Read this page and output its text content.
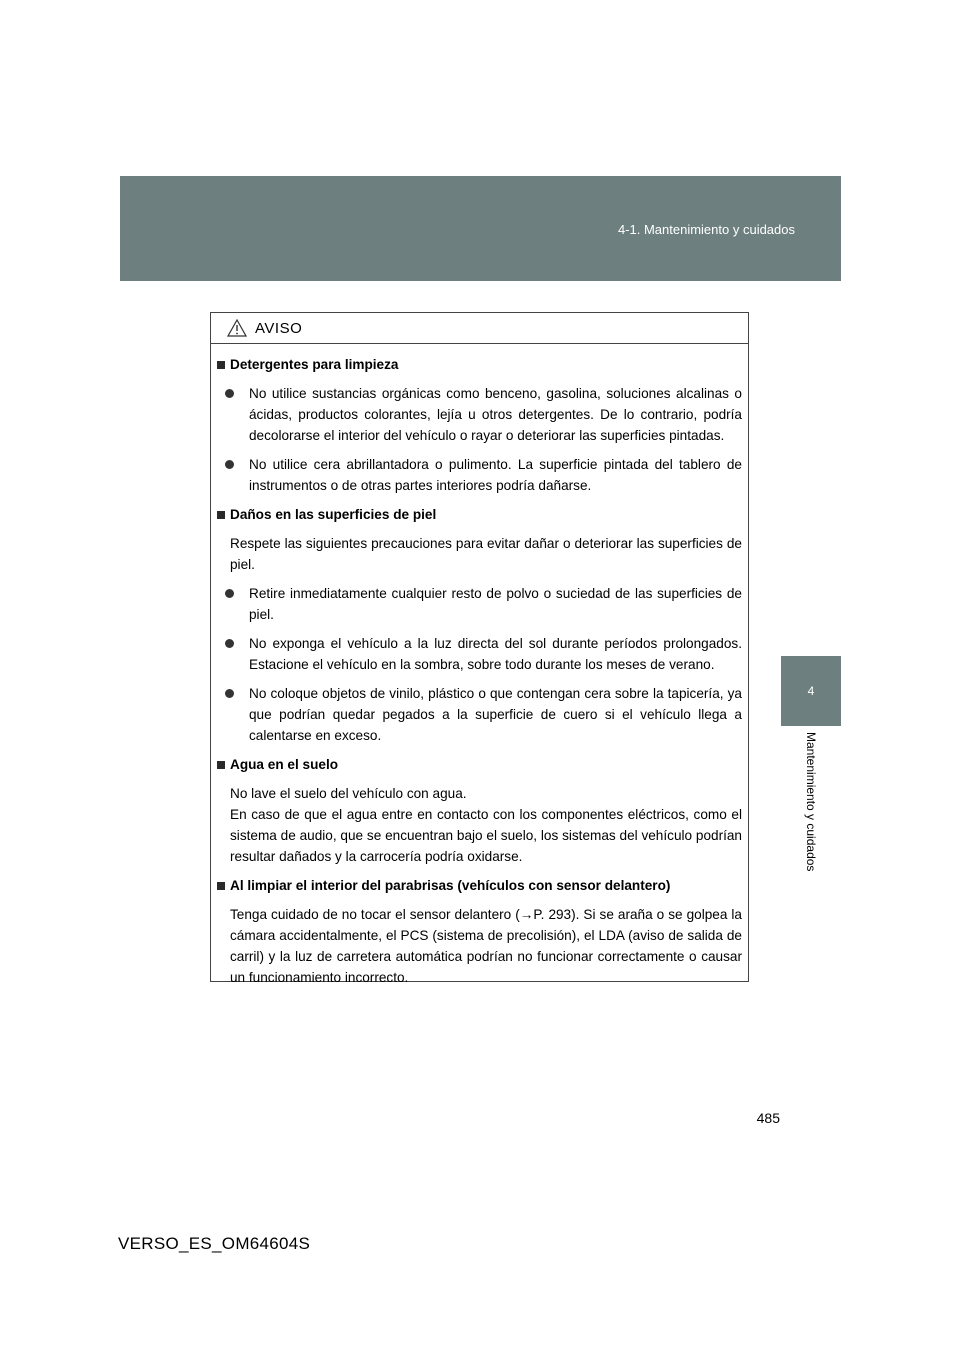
4-1. Mantenimiento y cuidados
4
Mantenimiento y cuidados
AVISO
Detergentes para limpieza
No utilice sustancias orgánicas como benceno, gasolina, soluciones alcalinas o ácidas, productos colorantes, lejía u otros detergentes. De lo contrario, podría decolorarse el interior del vehículo o rayar o deteriorar las superficies pintadas.
No utilice cera abrillantadora o pulimento. La superficie pintada del tablero de instrumentos o de otras partes interiores podría dañarse.
Daños en las superficies de piel
Respete las siguientes precauciones para evitar dañar o deteriorar las superficies de piel.
Retire inmediatamente cualquier resto de polvo o suciedad de las superficies de piel.
No exponga el vehículo a la luz directa del sol durante períodos prolongados. Estacione el vehículo en la sombra, sobre todo durante los meses de verano.
No coloque objetos de vinilo, plástico o que contengan cera sobre la tapicería, ya que podrían quedar pegados a la superficie de cuero si el vehículo llega a calentarse en exceso.
Agua en el suelo
No lave el suelo del vehículo con agua.
En caso de que el agua entre en contacto con los componentes eléctricos, como el sistema de audio, que se encuentran bajo el suelo, los sistemas del vehículo podrían resultar dañados y la carrocería podría oxidarse.
Al limpiar el interior del parabrisas (vehículos con sensor delantero)
Tenga cuidado de no tocar el sensor delantero (→P. 293). Si se araña o se golpea la cámara accidentalmente, el PCS (sistema de precolisión), el LDA (aviso de salida de carril) y la luz de carretera automática podrían no funcionar correctamente o causar un funcionamiento incorrecto.
485
VERSO_ES_OM64604S
